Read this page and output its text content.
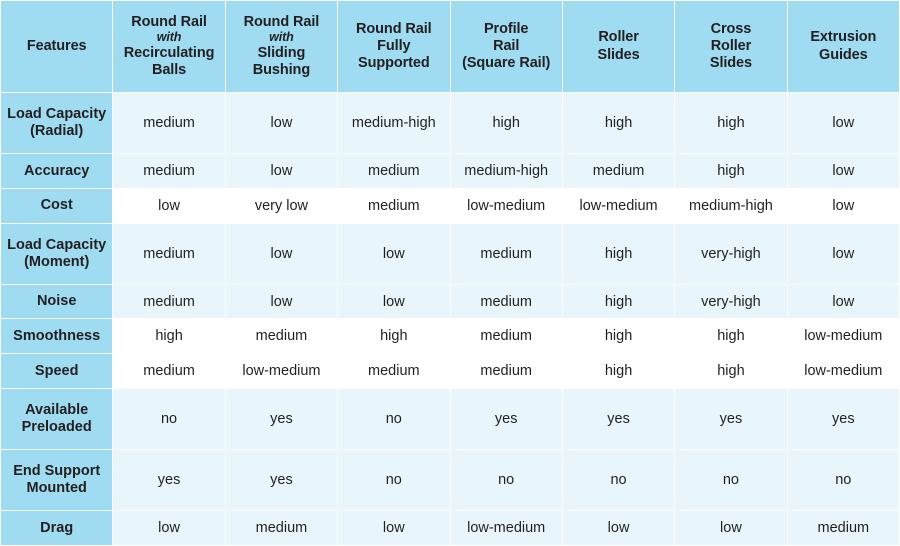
Features	Round Rail
with
Recirculating
Balls	Round Rail
with
Sliding
Bushing	Round Rail
Fully
Supported	Profile
Rail
(Square Rail)	Roller
Slides	Cross
Roller
Slides	Extrusion
Guides
Load Capacity
(Radial)	medium	low	medium-high	high	high	high	low
Accuracy	medium	low	medium	medium-high	medium	high	low
Cost	low	very low	medium	low-medium	low-medium	medium-high	low
Load Capacity
(Moment)	medium	low	low	medium	high	very-high	low
Noise	medium	low	low	medium	high	very-high	low
Smoothness	high	medium	high	medium	high	high	low-medium
Speed	medium	low-medium	medium	medium	high	high	low-medium
Available
Preloaded	no	yes	no	yes	yes	yes	yes
End Support
Mounted	yes	yes	no	no	no	no	no
Drag	low	medium	low	low-medium	low	low	medium
